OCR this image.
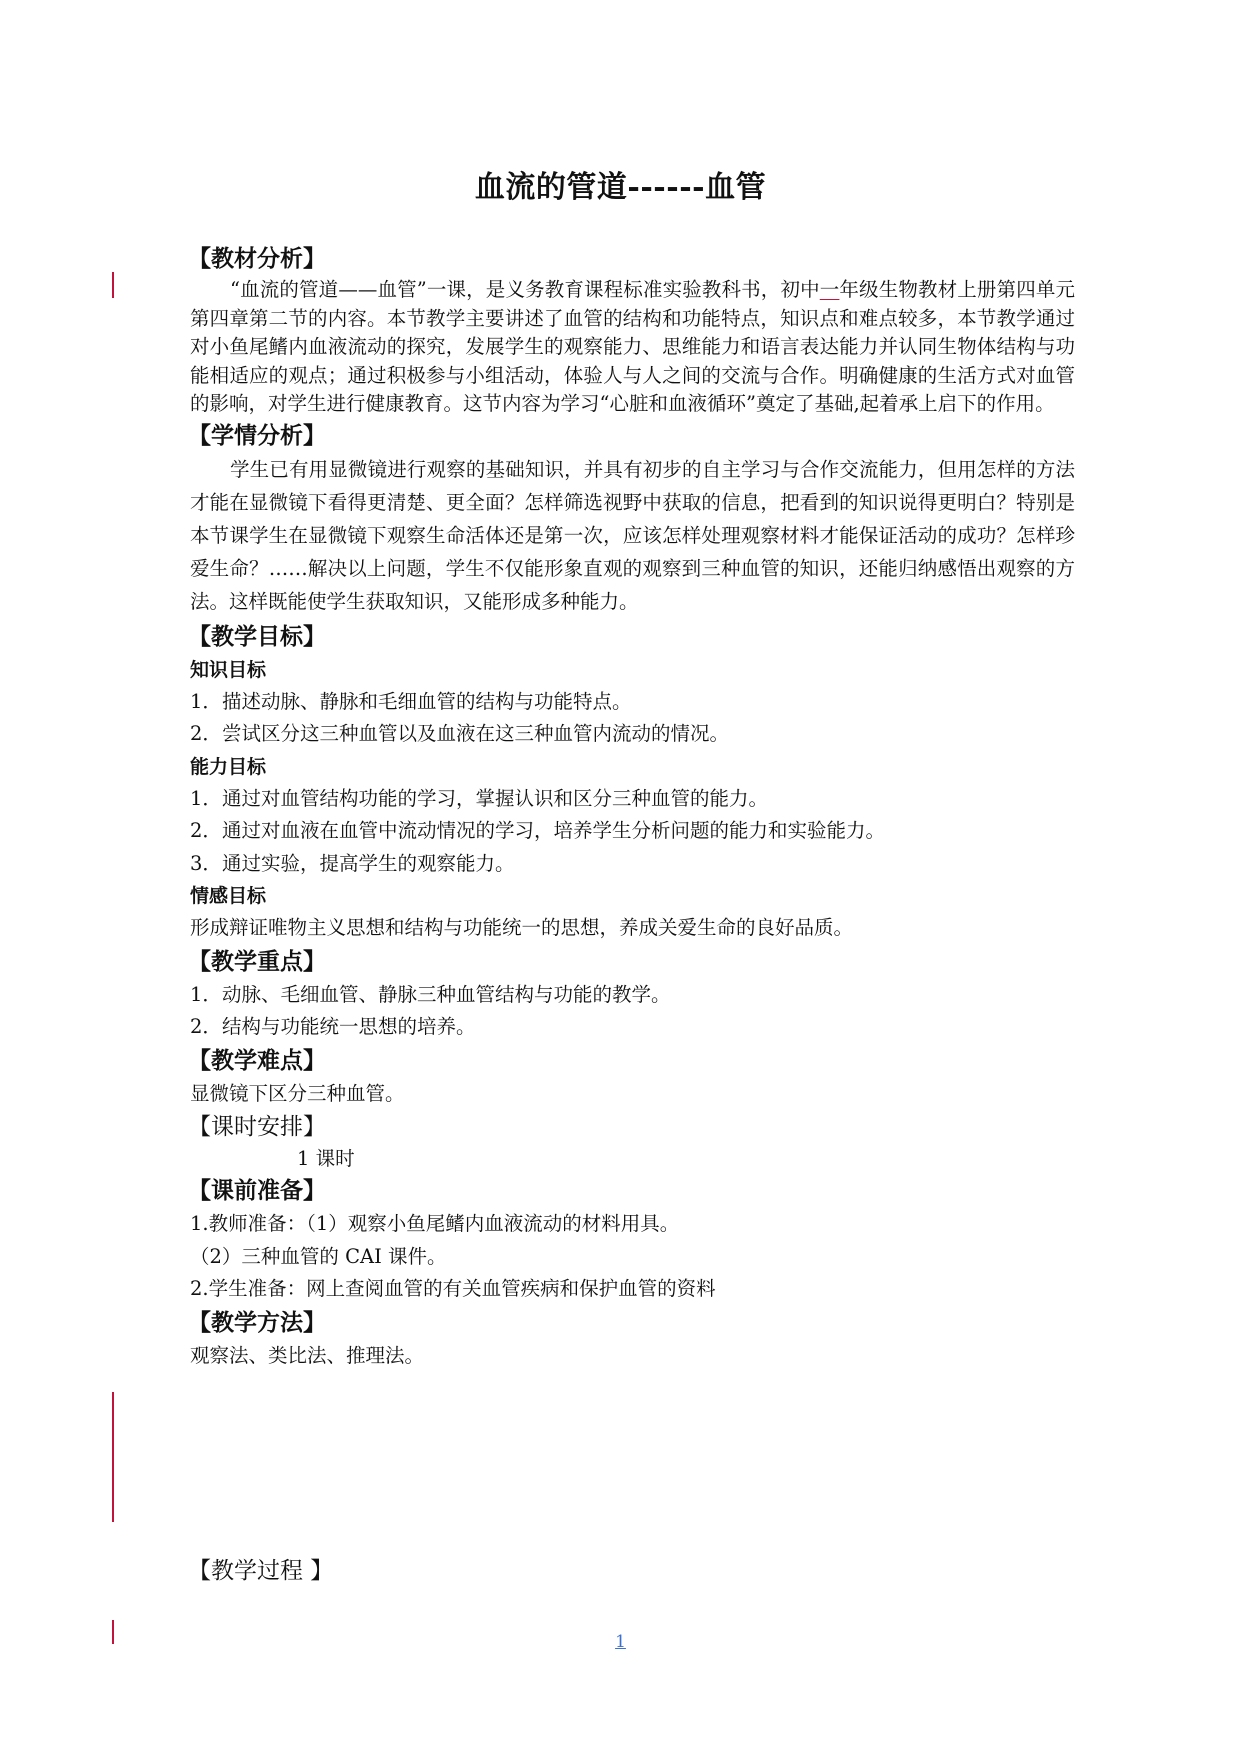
血流的管道------血管
【教材分析】

“血流的管道——血管”一课，是义务教育课程标准实验教科书，初中一年级生物教材上册第四单元第四章第二节的内容。本节教学主要讲述了血管的结构和功能特点，知识点和难点较多，本节教学通过对小鱼尾鳍内血液流动的探究，发展学生的观察能力、思维能力和语言表达能力并认同生物体结构与功能相适应的观点；通过积极参与小组活动，体验人与人之间的交流与合作。明确健康的生活方式对血管的影响，对学生进行健康教育。这节内容为学习“心脏和血液循环”奠定了基础,起着承上启下的作用。

【学情分析】

学生已有用显微镜进行观察的基础知识，并具有初步的自主学习与合作交流能力，但用怎样的方法才能在显微镜下看得更清楚、更全面？怎样筛选视野中获取的信息，把看到的知识说得更明白？特别是本节课学生在显微镜下观察生命活体还是第一次，应该怎样处理观察材料才能保证活动的成功？怎样珍爱生命？……解决以上问题，学生不仅能形象直观的观察到三种血管的知识，还能归纳感悟出观察的方法。这样既能使学生获取知识，又能形成多种能力。

【教学目标】
知识目标
1．描述动脉、静脉和毛细血管的结构与功能特点。
2．尝试区分这三种血管以及血液在这三种血管内流动的情况。
能力目标
1．通过对血管结构功能的学习，掌握认识和区分三种血管的能力。
2．通过对血液在血管中流动情况的学习，培养学生分析问题的能力和实验能力。
3．通过实验，提高学生的观察能力。
情感目标
形成辩证唯物主义思想和结构与功能统一的思想，养成关爱生命的良好品质。
【教学重点】
1．动脉、毛细血管、静脉三种血管结构与功能的教学。
2．结构与功能统一思想的培养。
【教学难点】
显微镜下区分三种血管。
【课时安排】
1 课时
【课前准备】
1.教师准备：（1）观察小鱼尾鳍内血液流动的材料用具。
（2）三种血管的 CAI 课件。
2.学生准备：网上查阅血管的有关血管疾病和保护血管的资料
【教学方法】
观察法、类比法、推理法。
【教学过程 】
1
